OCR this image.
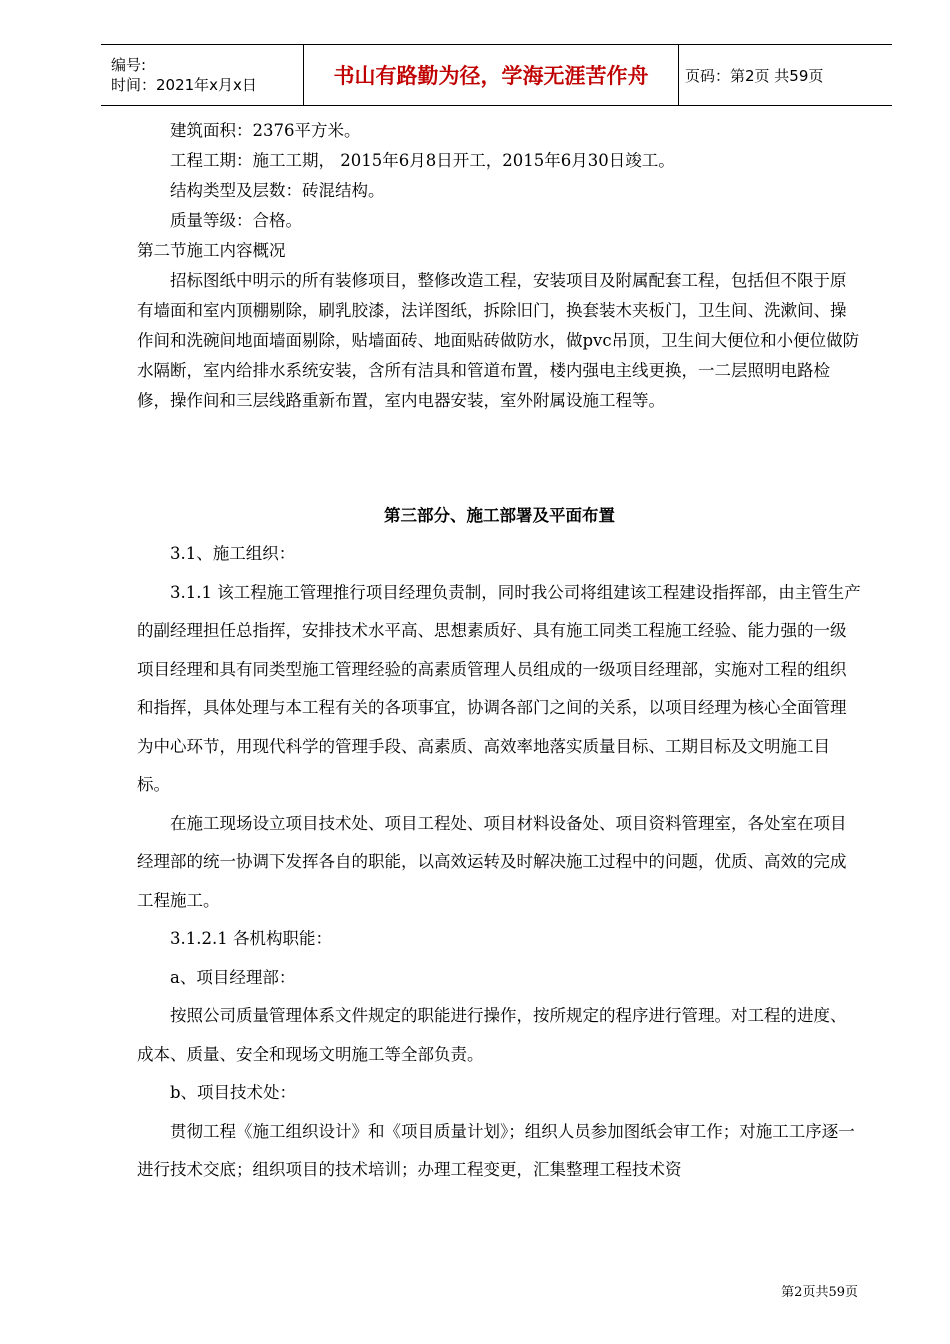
编号:
时间：2021年x月x日	书山有路勤为径，学海无涯苦作舟	页码：第2页 共59页

建筑面积：2376平方米。

工程工期：施工工期， 2015年6月8日开工，2015年6月30日竣工。

结构类型及层数：砖混结构。

质量等级：合格。

第二节施工内容概况

招标图纸中明示的所有装修项目，整修改造工程，安装项目及附属配套工程，包括但不限于原有墙面和室内顶棚剔除，刷乳胶漆，法详图纸，拆除旧门，换套装木夹板门，卫生间、洗漱间、操作间和洗碗间地面墙面剔除，贴墙面砖、地面贴砖做防水，做pvc吊顶，卫生间大便位和小便位做防水隔断，室内给排水系统安装，含所有洁具和管道布置，楼内强电主线更换，一二层照明电路检修，操作间和三层线路重新布置，室内电器安装，室外附属设施工程等。

第三部分、施工部署及平面布置

3.1、施工组织：

3.1.1 该工程施工管理推行项目经理负责制，同时我公司将组建该工程建设指挥部，由主管生产的副经理担任总指挥，安排技术水平高、思想素质好、具有施工同类工程施工经验、能力强的一级项目经理和具有同类型施工管理经验的高素质管理人员组成的一级项目经理部，实施对工程的组织和指挥，具体处理与本工程有关的各项事宜，协调各部门之间的关系，以项目经理为核心全面管理为中心环节，用现代科学的管理手段、高素质、高效率地落实质量目标、工期目标及文明施工目标。

在施工现场设立项目技术处、项目工程处、项目材料设备处、项目资料管理室，各处室在项目经理部的统一协调下发挥各自的职能，以高效运转及时解决施工过程中的问题，优质、高效的完成工程施工。

3.1.2.1 各机构职能：

a、项目经理部：

按照公司质量管理体系文件规定的职能进行操作，按所规定的程序进行管理。对工程的进度、成本、质量、安全和现场文明施工等全部负责。

b、项目技术处：

贯彻工程《施工组织设计》和《项目质量计划》；组织人员参加图纸会审工作；对施工工序逐一进行技术交底；组织项目的技术培训；办理工程变更，汇集整理工程技术资

第2页共59页
